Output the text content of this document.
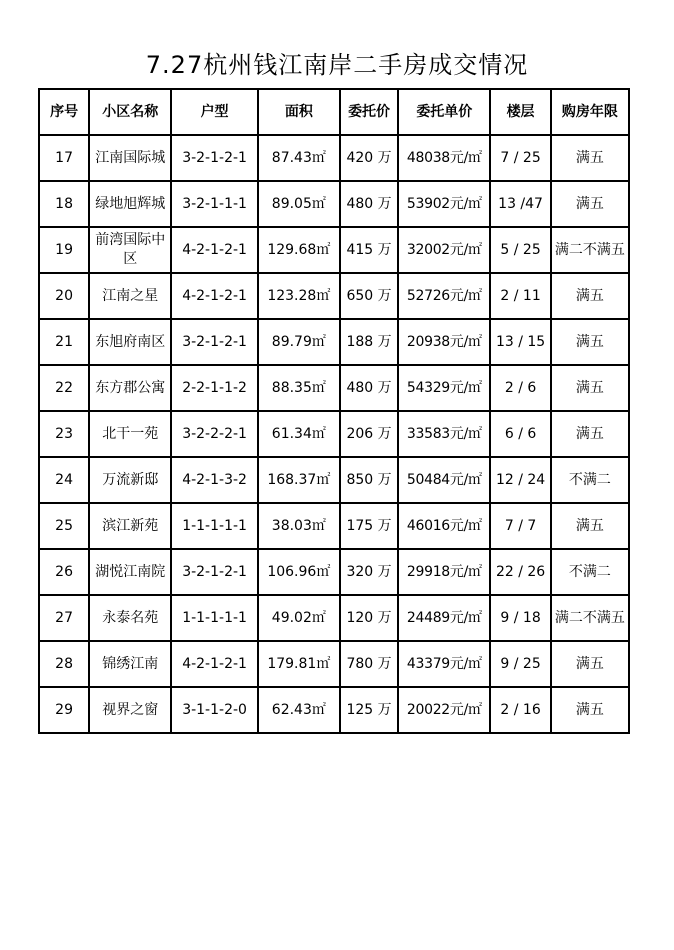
7.27杭州钱江南岸二手房成交情况
序号	小区名称	户型	面积	委托价	委托单价	楼层	购房年限
17	江南国际城	3-2-1-2-1	87.43㎡	420 万	48038元/㎡	7 / 25	满五
18	绿地旭辉城	3-2-1-1-1	89.05㎡	480 万	53902元/㎡	13 /47	满五
19	前湾国际中区	4-2-1-2-1	129.68㎡	415 万	32002元/㎡	5 / 25	满二不满五
20	江南之星	4-2-1-2-1	123.28㎡	650 万	52726元/㎡	2 / 11	满五
21	东旭府南区	3-2-1-2-1	89.79㎡	188 万	20938元/㎡	13 / 15	满五
22	东方郡公寓	2-2-1-1-2	88.35㎡	480 万	54329元/㎡	2 / 6	满五
23	北干一苑	3-2-2-2-1	61.34㎡	206 万	33583元/㎡	6 / 6	满五
24	万流新邸	4-2-1-3-2	168.37㎡	850 万	50484元/㎡	12 / 24	不满二
25	滨江新苑	1-1-1-1-1	38.03㎡	175 万	46016元/㎡	7 / 7	满五
26	湖悦江南院	3-2-1-2-1	106.96㎡	320 万	29918元/㎡	22 / 26	不满二
27	永泰名苑	1-1-1-1-1	49.02㎡	120 万	24489元/㎡	9 / 18	满二不满五
28	锦绣江南	4-2-1-2-1	179.81㎡	780 万	43379元/㎡	9 / 25	满五
29	视界之窗	3-1-1-2-0	62.43㎡	125 万	20022元/㎡	2 / 16	满五
